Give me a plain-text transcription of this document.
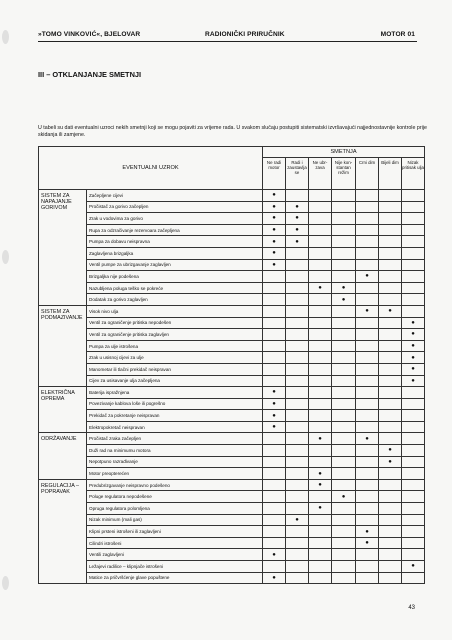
»TOMO VINKOVIĆ«, BJELOVAR	RADIONIČKI PRIRUČNIK	MOTOR 01
III – OTKLANJANJE SMETNJI
U tabeli su dati eventualni uzroci nekih smetnji koji se mogu pojaviti za vrijeme rada. U svakom slučaju postupiti sistematski izvršavajući najjednostavnije kontrole prije skidanja ili zamjene.
EVENTUALNI UZROK		SMETNJA						
		Ne radi motor	Radi i zaustavlja se	Ne ubrzava	Nije konstantan režim	Crni dim	Bijeli dim	Nizak pritisak ulja
SISTEM ZA NAPAJANJE GORIVOM	Začepljene cijevi	●						
	Pročistač za gorivo začepljen	●	●					
	Zrak u vodovima za gorivo	●	●					
	Rupa za odzračivanje rezervoara začepljena	●	●					
	Pumpa za dobavu neispravna	●	●					
	Zaglavljena brizgaljka	●						
	Ventil pumpe za ubrizgavanje zaglavljen	●						
	Brizgaljka nije podešena					●		
	Nazubljena poluga teško se pokreće			●	●			
	Dodatak za gorivo zaglavljen				●			
SISTEM ZA PODMAZIVANJE	Visok nivo ulja					●	●	
	Ventil za ograničenje pritiska nepodešen							●
	Ventil za ograničenje pritiska zaglavljen							●
	Pumpa za ulje istrošena							●
	Zrak u usisnoj cijevi za ulje							●
	Manometar ili tlačni prekidač neispravan							●
	Cijev za usisavanje ulja začepljena							●
ELEKTRIČNA OPREMA	Baterija ispražnjena	●						
	Povezivanje kablova loše ili pogrešno	●						
	Prekidač za pokretanje neispravan	●						
	Elektropokretač neispravan	●						
ODRŽAVANJE	Pročistač zraka začepljen			●		●		
	Duži rad na minimumu motora						●	
	Nepotpuno razrađivanje						●	
	Motor preopterećen			●				
REGULACIJA – POPRAVAK	Predubrizgavanje neispravno podešeno			●				
	Poluge regulatora nepodešene				●			
	Opruga regulatora polomljena			●				
	Nizak minimum (mali gas)		●					
	Klipni prsteni istrošeni ili zaglavljeni					●		
	Cilindri istrošeni					●		
	Ventili zaglavljeni	●						
	Ležajevi radilice – klipnjače istrošeni							●
	Matice za pričvršćenje glave popuštene	●						
43
